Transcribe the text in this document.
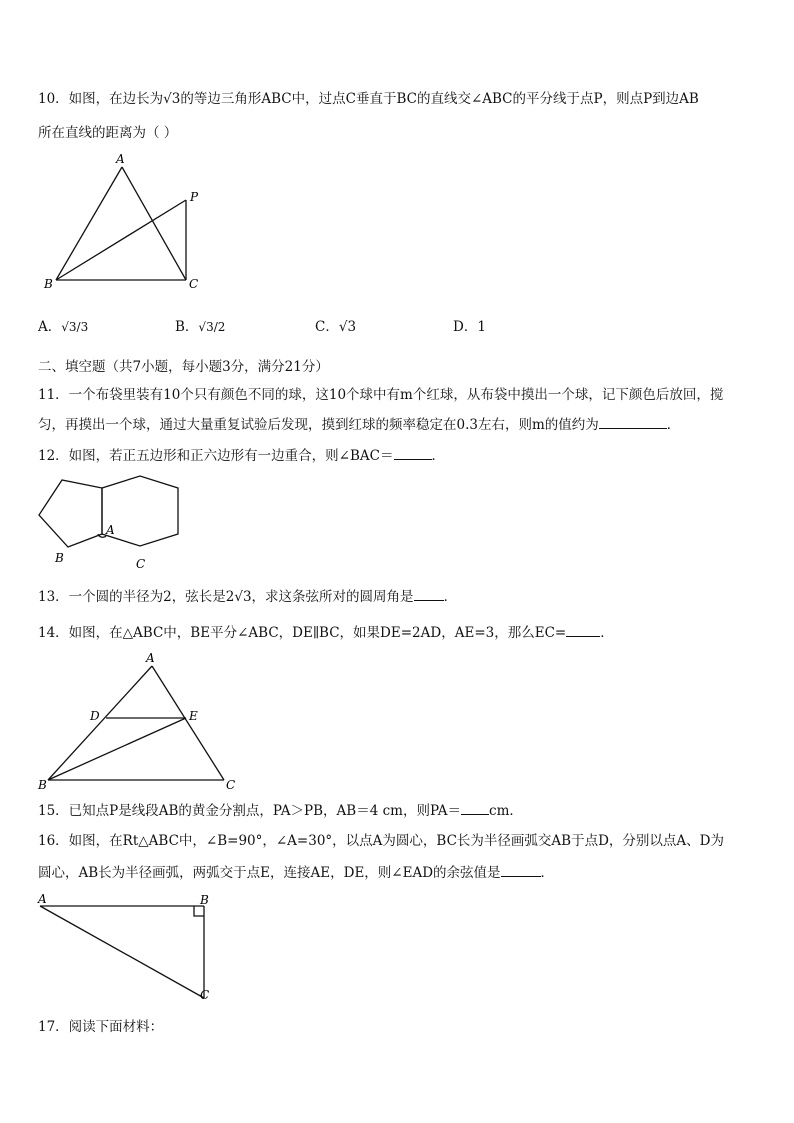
10．如图，在边长为√3的等边三角形ABC中，过点C垂直于BC的直线交∠ABC的平分线于点P，则点P到边AB
所在直线的距离为（ ）
A
B	C
P
A．√3/3	B．√3/2	C．√3	D．1
二、填空题（共7小题，每小题3分，满分21分）
11．一个布袋里装有10个只有颜色不同的球，这10个球中有m个红球，从布袋中摸出一个球，记下颜色后放回，搅
匀，再摸出一个球，通过大量重复试验后发现，摸到红球的频率稳定在0.3左右，则m的值约为	．
12．如图，若正五边形和正六边形有一边重合，则∠BAC＝	．
A
B	C
13．一个圆的半径为2，弦长是2√3，求这条弦所对的圆周角是 ．
14．如图，在△ABC中，BE平分∠ABC，DE∥BC，如果DE=2AD，AE=3，那么EC=	．
A
B	C
D	E
15．已知点P是线段AB的黄金分割点，PA＞PB，AB＝4 cm，则PA＝ cm．
16．如图，在Rt△ABC中，∠B=90°，∠A=30°，以点A为圆心，BC长为半径画弧交AB于点D，分别以点A、D为
圆心，AB长为半径画弧，两弧交于点E，连接AE，DE，则∠EAD的余弦值是	．
A	B
C
17．阅读下面材料：
